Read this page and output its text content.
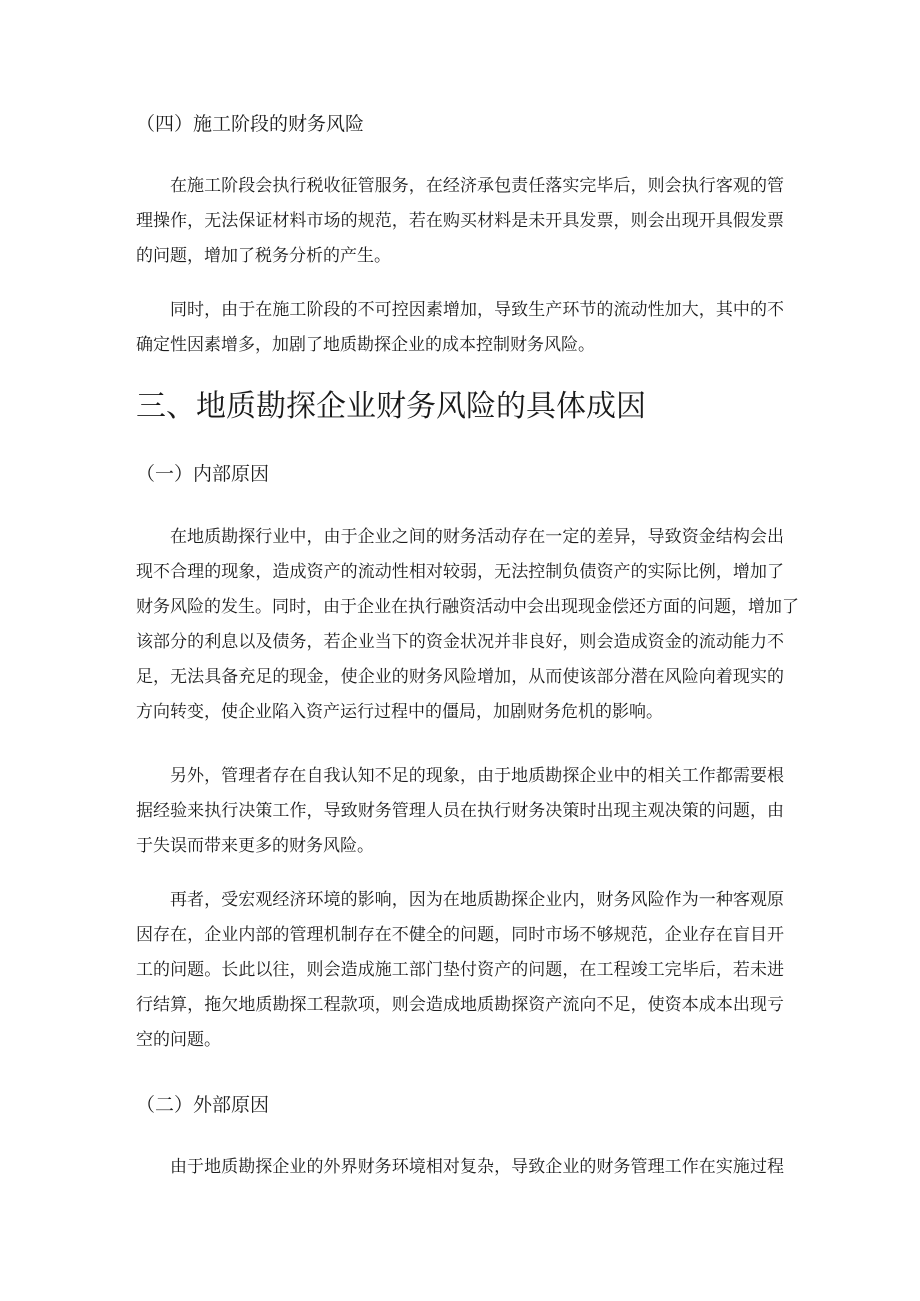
（四）施工阶段的财务风险
在施工阶段会执行税收征管服务，在经济承包责任落实完毕后，则会执行客观的管
理操作，无法保证材料市场的规范，若在购买材料是未开具发票，则会出现开具假发票
的问题，增加了税务分析的产生。
同时，由于在施工阶段的不可控因素增加，导致生产环节的流动性加大，其中的不
确定性因素增多，加剧了地质勘探企业的成本控制财务风险。
三、地质勘探企业财务风险的具体成因
（一）内部原因
在地质勘探行业中，由于企业之间的财务活动存在一定的差异，导致资金结构会出
现不合理的现象，造成资产的流动性相对较弱，无法控制负债资产的实际比例，增加了
财务风险的发生。同时，由于企业在执行融资活动中会出现现金偿还方面的问题，增加了
该部分的利息以及债务，若企业当下的资金状况并非良好，则会造成资金的流动能力不
足，无法具备充足的现金，使企业的财务风险增加，从而使该部分潜在风险向着现实的
方向转变，使企业陷入资产运行过程中的僵局，加剧财务危机的影响。
另外，管理者存在自我认知不足的现象，由于地质勘探企业中的相关工作都需要根
据经验来执行决策工作，导致财务管理人员在执行财务决策时出现主观决策的问题，由
于失误而带来更多的财务风险。
再者，受宏观经济环境的影响，因为在地质勘探企业内，财务风险作为一种客观原
因存在，企业内部的管理机制存在不健全的问题，同时市场不够规范，企业存在盲目开
工的问题。长此以往，则会造成施工部门垫付资产的问题，在工程竣工完毕后，若未进
行结算，拖欠地质勘探工程款项，则会造成地质勘探资产流向不足，使资本成本出现亏
空的问题。
（二）外部原因
由于地质勘探企业的外界财务环境相对复杂，导致企业的财务管理工作在实施过程
